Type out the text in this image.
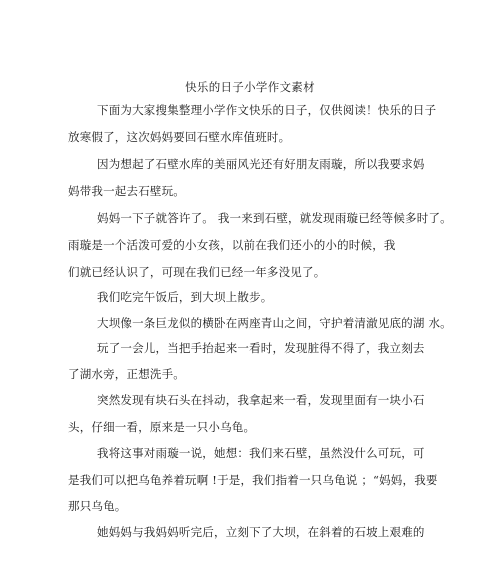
快乐的日子小学作文素材
下面为大家搜集整理小学作文快乐的日子，仅供阅读！快乐的日子
放寒假了，这次妈妈要回石壁水库值班时。
因为想起了石壁水库的美丽风光还有好朋友雨璇，所以我要求妈
妈带我一起去石壁玩。
妈妈一下子就答许了。 我一来到石壁，就发现雨璇已经等候多时了。
雨璇是一个活泼可爱的小女孩，以前在我们还小的小的时候，我
们就已经认识了，可现在我们已经一年多没见了。
我们吃完午饭后，到大坝上散步。
大坝像一条巨龙似的横卧在两座青山之间，守护着清澈见底的湖 水。
玩了一会儿，当把手抬起来一看时，发现脏得不得了，我立刻去
了湖水旁，正想洗手。
突然发现有块石头在抖动，我拿起来一看，发现里面有一块小石
头，仔细一看，原来是一只小乌龟。
我将这事对雨璇一说，她想：我们来石壁，虽然没什么可玩，可
是我们可以把乌龟养着玩啊 !于是，我们指着一只乌龟说 ；“妈妈，我要
那只乌龟。
她妈妈与我妈妈听完后，立刻下了大坝，在斜着的石坡上艰难的
